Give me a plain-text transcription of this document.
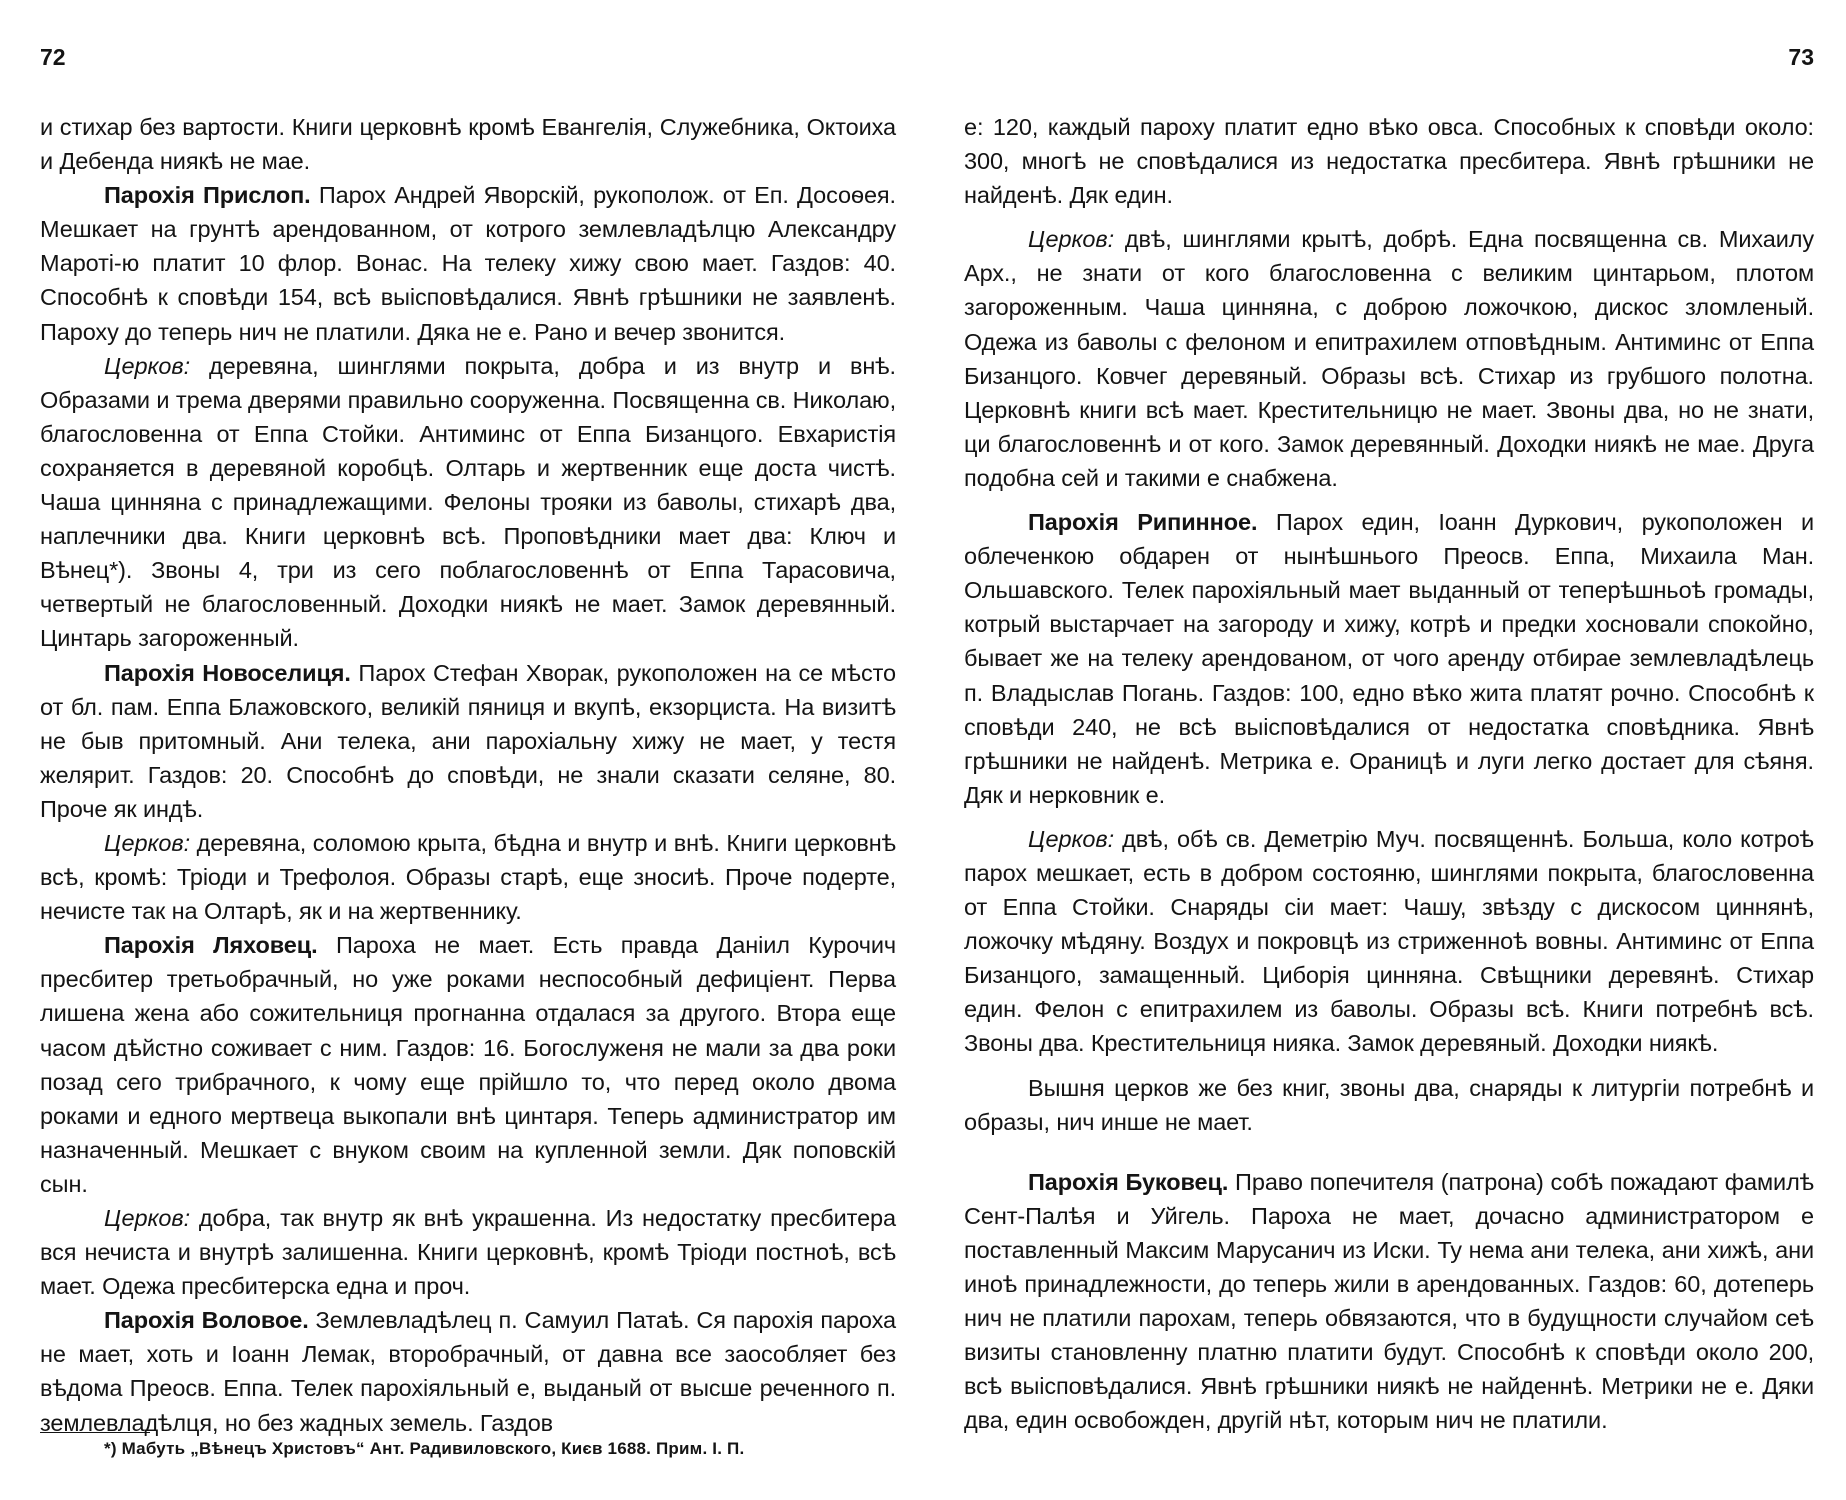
72

и стихар без вартости. Книги церковнѣ кромѣ Евангелія, Служебника, Октоиха и Дебенда ниякѣ не мае.

Парохія Прислоп. Парох Андрей Яворскій, рукополож. от Еп. Досоѳея. Мешкает на грунтѣ арендованном, от котрого землевладѣлцю Александру Мароті-ю платит 10 флор. Вонас. На телеку хижу свою мает. Газдов: 40. Способнѣ к сповѣди 154, всѣ выісповѣдалися. Явнѣ грѣшники не заявленѣ. Пароху до теперь нич не платили. Дяка не е. Рано и вечер звонится.

Церков: деревяна, шинглями покрыта, добра и из внутр и внѣ. Образами и трема дверями правильно сооруженна. Посвященна св. Николаю, благословенна от Еппа Стойки. Антиминс от Еппа Бизанцого. Евхаристія сохраняется в деревяной коробцѣ. Олтарь и жертвенник еще доста чистѣ. Чаша циннянa с принадлежащими. Фелоны трояки из баволы, стихарѣ два, наплечники два. Книги церковнѣ всѣ. Проповѣдники мает два: Ключ и Вѣнец*). Звоны 4, три из сего поблагословеннѣ от Еппа Тарасовича, четвертый не благословенный. Доходки ниякѣ не мает. Замок деревянный. Цинтарь загороженный.

Парохія Новоселиця. Парох Стефан Хворак, рукоположен на се мѣсто от бл. пам. Еппа Блажовского, великій пяниця и вкупѣ, екзорциста. На визитѣ не быв притомный. Ани телека, ани парохіальну хижу не мает, у тестя желярит. Газдов: 20. Способнѣ до сповѣди, не знали сказати селяне, 80. Проче як индѣ.

Церков: деревяна, соломою крыта, бѣдна и внутр и внѣ. Книги церковнѣ всѣ, кромѣ: Тріоди и Трефолоя. Образы старѣ, еще зносиѣ. Проче подерте, нечисте так на Олтарѣ, як и на жертвеннику.

Парохія Ляховец. Пароха не мает. Есть правда Даніил Курочич пресбитер третьобрачный, но уже роками неспособный дефиціент. Перва лишена жена або сожительниця прогнанна отдалася за другого. Втора еще часом дѣйстно соживает с ним. Газдов: 16. Богослуженя не мали за два роки позад сего трибрачного, к чому еще прійшло то, что перед около двома роками и едного мертвеца выкопали внѣ цинтаря. Теперь администратор им назначенный. Мешкает с внуком своим на купленной земли. Дяк поповскій сын.

Церков: добра, так внутр як внѣ украшенна. Из недостатку пресбитера вся нечиста и внутрѣ залишенна. Книги церковнѣ, кромѣ Тріоди постноѣ, всѣ мает. Одежа пресбитерска една и проч.

Парохія Воловое. Землевладѣлец п. Самуил Патаѣ. Ся парохія пароха не мает, хоть и Іоанн Лемак, второбрачный, от давна все заособляет без вѣдома Преосв. Еппа. Телек парохіяльный е, выданый от высше реченного п. землевладѣлця, но без жадных земель. Газдов

*) Мабуть „Вѣнецъ Христовъ“ Ант. Радивиловского, Києв 1688. Прим. І. П.
73

е: 120, каждый пароху платит едно вѣко овса. Способных к сповѣди около: 300, многѣ не сповѣдалися из недостатка пресбитера. Явнѣ грѣшники не найденѣ. Дяк един.

Церков: двѣ, шинглями крытѣ, добрѣ. Една посвященна св. Михаилу Арх., не знати от кого благословенна с великим цинтарьом, плотом загороженным. Чаша цинняна, с доброю ложочкою, дискос зломленый. Одежа из баволы с фелоном и епитрахилем отповѣдным. Антиминс от Еппа Бизанцого. Ковчег деревяный. Образы всѣ. Стихар из грубшого полотна. Церковнѣ книги всѣ мает. Крестительницю не мает. Звоны два, но не знати, ци благословеннѣ и от кого. Замок деревянный. Доходки ниякѣ не мае. Друга подобна сей и такими е снабжена.

Парохія Рипинное. Парох един, Іоанн Дуркович, рукоположен и облеченкою обдарен от нынѣшнього Преосв. Еппа, Михаила Ман. Ольшавского. Телек парохіяльный мает выданный от теперѣшньоѣ громады, котрый выстарчает на загороду и хижу, котрѣ и предки хосновали спокойно, бывает же на телеку арендованом, от чого аренду отбирае землевладѣлець п. Владыслав Погань. Газдов: 100, едно вѣко жита платят рочно. Способнѣ к сповѣди 240, не всѣ выісповѣдалися от недостатка сповѣдника. Явнѣ грѣшники не найденѣ. Метрика е. Ораницѣ и луги легко достает для сѣяня. Дяк и нерковник е.

Церков: двѣ, обѣ св. Деметрію Муч. посвященнѣ. Больша, коло котроѣ парох мешкает, есть в добром состояню, шинглями покрыта, благословенна от Еппа Стойки. Снаряды сіи мает: Чашу, звѣзду с дискосом циннянѣ, ложочку мѣдяну. Воздух и покровцѣ из стриженноѣ вовны. Антиминс от Еппа Бизанцого, замащенный. Циборія цинняна. Свѣщники деревянѣ. Стихар един. Фелон с епитрахилем из баволы. Образы всѣ. Книги потребнѣ всѣ. Звоны два. Крестительниця нияка. Замок деревяный. Доходки ниякѣ.

Вышня церков же без книг, звоны два, снаряды к литургіи потребнѣ и образы, нич инше не мает.

Парохія Буковец. Право попечителя (патрона) собѣ пожадают фамилѣ Сент-Палѣя и Уйгель. Пароха не мает, дочасно администратором е поставленный Максим Марусанич из Иски. Ту нема ани телека, ани хижѣ, ани иноѣ принадлежности, до теперь жили в арендованных. Газдов: 60, дотеперь нич не платили парохам, теперь обвязаются, что в будущности случайом сеѣ визиты становленну платню платити будут. Способнѣ к сповѣди около 200, всѣ выісповѣдалися. Явнѣ грѣшники ниякѣ не найденнѣ. Метрики не е. Дяки два, един освобожден, другій нѣт, которым нич не платили.
